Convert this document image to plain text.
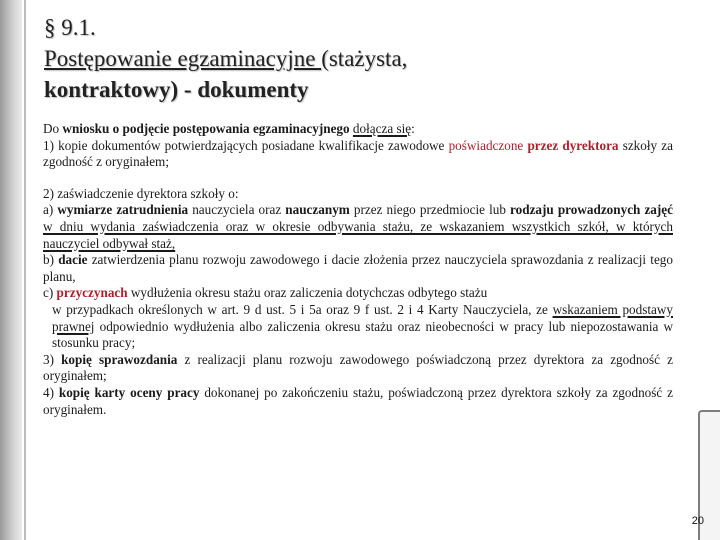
§ 9.1.
Postępowanie egzaminacyjne (stażysta,
kontraktowy) - dokumenty

Do wniosku o podjęcie postępowania egzaminacyjnego dołącza się:

1) kopie dokumentów potwierdzających posiadane kwalifikacje zawodowe poświadczone przez dyrektora szkoły za zgodność z oryginałem;

2) zaświadczenie dyrektora szkoły o:

a) wymiarze zatrudnienia nauczyciela oraz nauczanym przez niego przedmiocie lub rodzaju prowadzonych zajęć w dniu wydania zaświadczenia oraz w okresie odbywania stażu, ze wskazaniem wszystkich szkół, w których nauczyciel odbywał staż,

b) dacie zatwierdzenia planu rozwoju zawodowego i dacie złożenia przez nauczyciela sprawozdania z realizacji tego planu,

c) przyczynach wydłużenia okresu stażu oraz zaliczenia dotychczas odbytego stażu

w przypadkach określonych w art. 9 d ust. 5 i 5a oraz 9 f ust. 2 i 4 Karty Nauczyciela, ze wskazaniem podstawy prawnej odpowiednio wydłużenia albo zaliczenia okresu stażu oraz nieobecności w pracy lub niepozostawania w stosunku pracy;

3) kopię sprawozdania z realizacji planu rozwoju zawodowego poświadczoną przez dyrektora za zgodność z oryginałem;

4) kopię karty oceny pracy dokonanej po zakończeniu stażu, poświadczoną przez dyrektora szkoły za zgodność z oryginałem.

20
